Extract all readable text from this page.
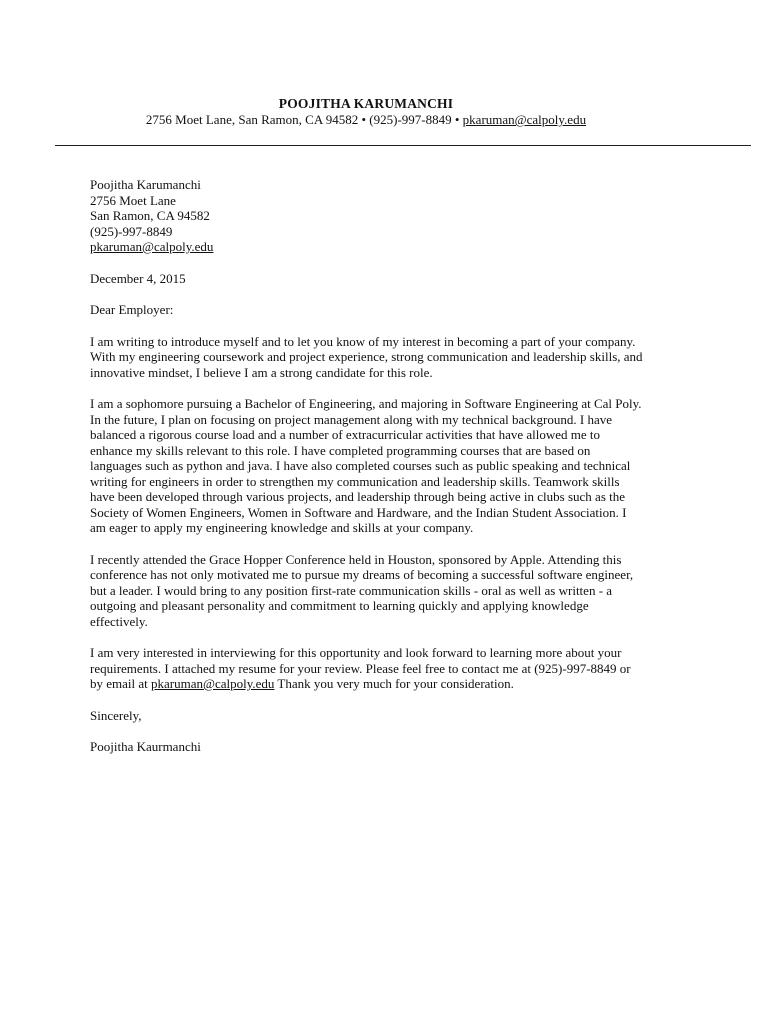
POOJITHA KARUMANCHI
2756 Moet Lane, San Ramon, CA 94582 • (925)-997-8849 • pkaruman@calpoly.edu
Poojitha Karumanchi
2756 Moet Lane
San Ramon, CA 94582
(925)-997-8849
pkaruman@calpoly.edu
December 4, 2015
Dear Employer:
I am writing to introduce myself and to let you know of my interest in becoming a part of your company.
With my engineering coursework and project experience, strong communication and leadership skills, and
innovative mindset, I believe I am a strong candidate for this role.
I am a sophomore pursuing a Bachelor of Engineering, and majoring in Software Engineering at Cal Poly.
In the future, I plan on focusing on project management along with my technical background. I have
balanced a rigorous course load and a number of extracurricular activities that have allowed me to
enhance my skills relevant to this role. I have completed programming courses that are based on
languages such as python and java. I have also completed courses such as public speaking and technical
writing for engineers in order to strengthen my communication and leadership skills. Teamwork skills
have been developed through various projects, and leadership through being active in clubs such as the
Society of Women Engineers, Women in Software and Hardware, and the Indian Student Association. I
am eager to apply my engineering knowledge and skills at your company.
I recently attended the Grace Hopper Conference held in Houston, sponsored by Apple. Attending this
conference has not only motivated me to pursue my dreams of becoming a successful software engineer,
but a leader. I would bring to any position first-rate communication skills - oral as well as written - a
outgoing and pleasant personality and commitment to learning quickly and applying knowledge
effectively.
I am very interested in interviewing for this opportunity and look forward to learning more about your
requirements. I attached my resume for your review. Please feel free to contact me at (925)-997-8849 or
by email at pkaruman@calpoly.edu Thank you very much for your consideration.
Sincerely,
Poojitha Kaurmanchi
